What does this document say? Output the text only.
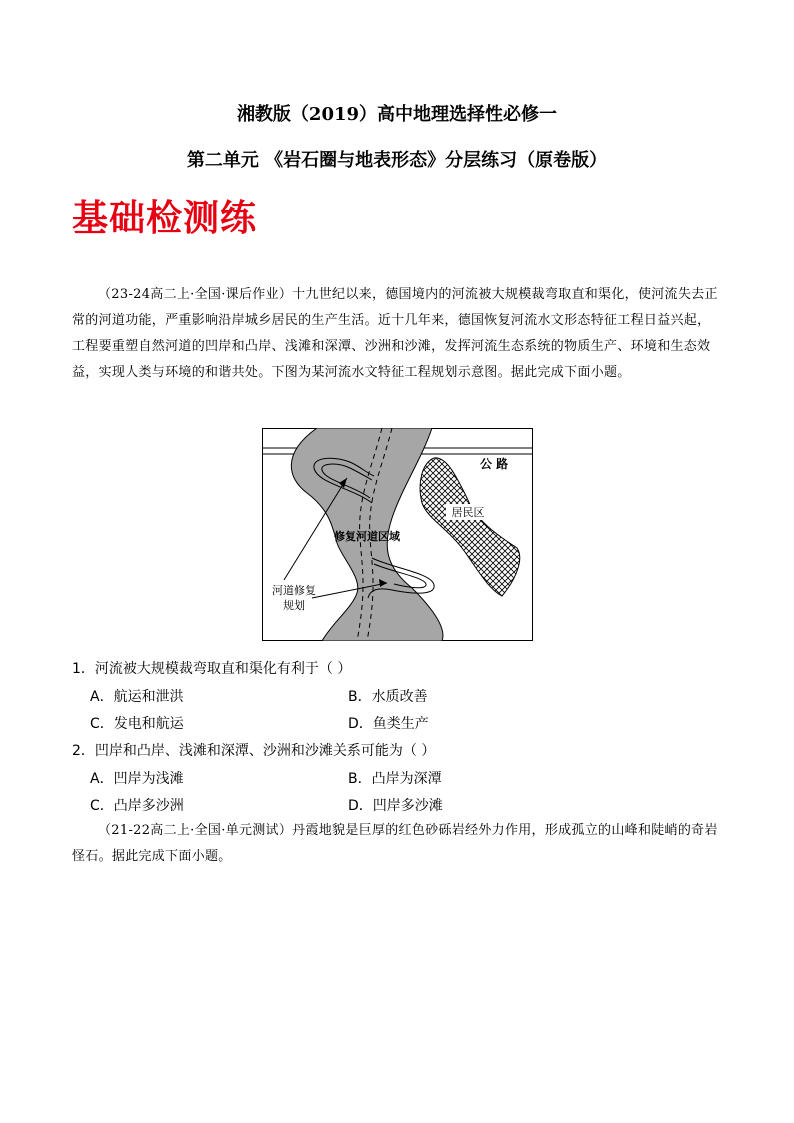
湘教版（2019）高中地理选择性必修一
第二单元 《岩石圈与地表形态》分层练习（原卷版）
基础检测练
（23-24高二上·全国·课后作业）十九世纪以来，德国境内的河流被大规模裁弯取直和渠化，使河流失去正常的河道功能，严重影响沿岸城乡居民的生产生活。近十几年来，德国恢复河流水文形态特征工程日益兴起，工程要重塑自然河道的凹岸和凸岸、浅滩和深潭、沙洲和沙滩，发挥河流生态系统的物质生产、环境和生态效益，实现人类与环境的和谐共处。下图为某河流水文特征工程规划示意图。据此完成下面小题。
居民区
公 路
修复河道区域
河道修复
规划
1．河流被大规模裁弯取直和渠化有利于（ ）
A．航运和泄洪	B．水质改善
C．发电和航运	D．鱼类生产
2．凹岸和凸岸、浅滩和深潭、沙洲和沙滩关系可能为（ ）
A．凹岸为浅滩	B．凸岸为深潭
C．凸岸多沙洲	D．凹岸多沙滩
（21-22高二上·全国·单元测试）丹霞地貌是巨厚的红色砂砾岩经外力作用，形成孤立的山峰和陡峭的奇岩怪石。据此完成下面小题。
